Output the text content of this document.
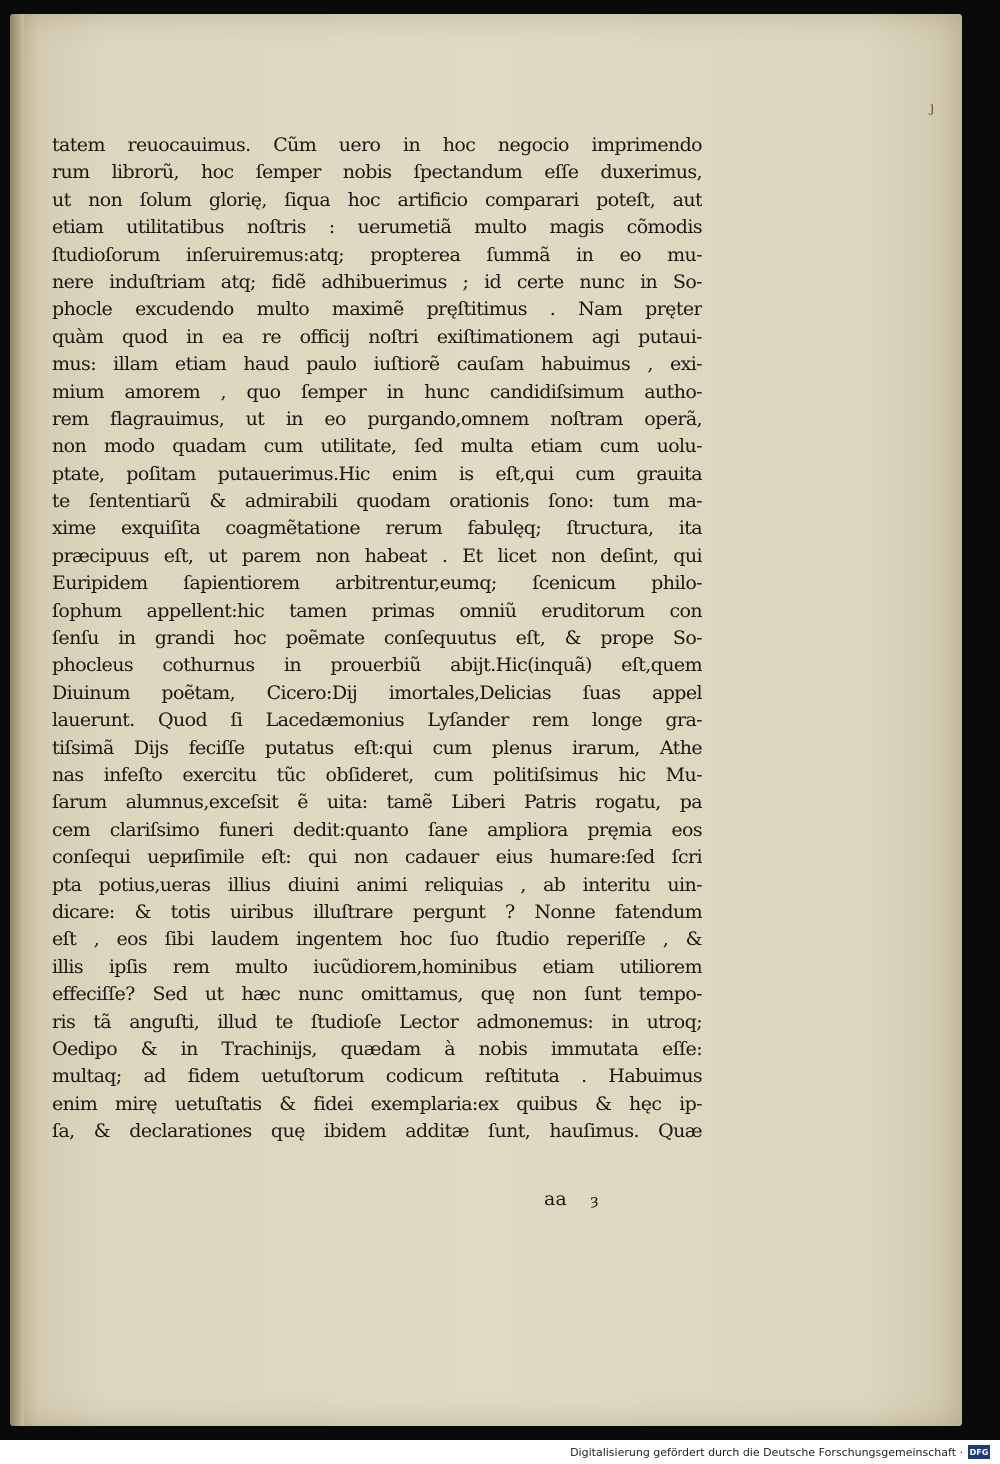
ȷ
tatem reuocauimus. Cũm uero in hoc negocio imprimendo
rum librorũ, hoc ſemper nobis ſpectandum eſſe duxerimus,
ut non ſolum glorię, ſiqua hoc artificio comparari poteſt, aut
etiam utilitatibus noſtris : uerumetiã multo magis cõmodis
ſtudioſorum inſeruiremus:atq; propterea ſummã in eo mu-
nere induſtriam atq; fidẽ adhibuerimus ; id certe nunc in So-
phocle excudendo multo maximẽ pręſtitimus . Nam pręter
quàm quod in ea re officij noſtri exiſtimationem agi putaui-
mus: illam etiam haud paulo iuſtiorẽ cauſam habuimus , exi-
mium amorem , quo ſemper in hunc candidiſsimum autho-
rem flagrauimus, ut in eo purgando,omnem noſtram operã,
non modo quadam cum utilitate, ſed multa etiam cum uolu-
ptate, poſitam putauerimus.Hic enim is eſt,qui cum grauita
te ſententiarũ & admirabili quodam orationis ſono: tum ma-
xime exquiſita coagmẽtatione rerum fabulęq; ſtructura, ita
præcipuus eſt, ut parem non habeat . Et licet non deſint, qui
Euripidem ſapientiorem arbitrentur,eumq; ſcenicum philo-
ſophum appellent:hic tamen primas omniũ eruditorum con
ſenſu in grandi hoc poẽmate conſequutus eſt, & prope So-
phocleus cothurnus in prouerbiũ abijt.Hic(inquã) eſt,quem
Diuinum poẽtam, Cicero:Dij imortales,Delicias ſuas appel
lauerunt. Quod ſi Lacedæmonius Lyſander rem longe gra-
tiſsimã Dijs feciſſe putatus eſt:qui cum plenus irarum, Athe
nas infeſto exercitu tũc obſideret, cum politiſsimus hic Mu-
ſarum alumnus,exceſsit ẽ uita: tamẽ Liberi Patris rogatu, pa
cem clariſsimo funeri dedit:quanto ſane ampliora pręmia eos
conſequi uериſimile eſt: qui non cadauer eius humare:ſed ſcri
pta potius,ueras illius diuini animi reliquias , ab interitu uin-
dicare: & totis uiribus illuſtrare pergunt ? Nonne fatendum
eſt , eos ſibi laudem ingentem hoc ſuo ſtudio reperiſſe , &
illis ipſis rem multo iucũdiorem,hominibus etiam utiliorem
effeciſſe? Sed ut hæc nunc omittamus, quę non ſunt tempo-
ris tã anguſti, illud te ſtudioſe Lector admonemus: in utroq;
Oedipo & in Trachinijs, quædam à nobis immutata eſſe:
multaq; ad fidem uetuſtorum codicum reſtituta . Habuimus
enim mirę uetuſtatis & fidei exemplaria:ex quibus & hęc ip-
ſa, & declarationes quę ibidem additæ ſunt, hauſimus. Quæ
aa ȝ
Digitalisierung gefördert durch die Deutsche Forschungsgemeinschaft · DFG
